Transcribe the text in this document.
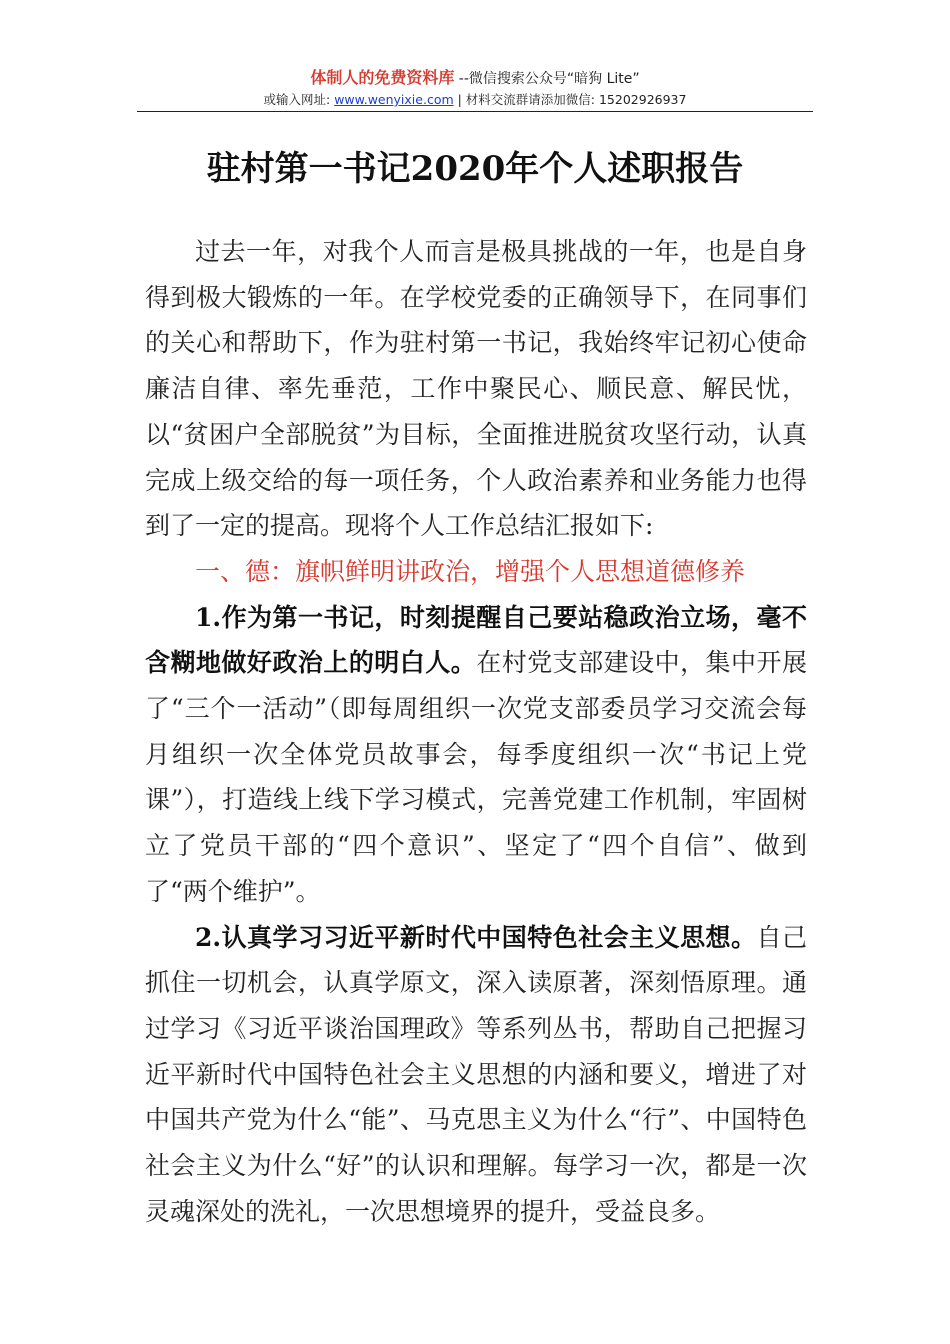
体制人的免费资料库 --微信搜索公众号“暗狗 Lite”
或输入网址: www.wenyixie.com | 材料交流群请添加微信: 15202926937
驻村第一书记2020年个人述职报告

过去一年，对我个人而言是极具挑战的一年，也是自身得到极大锻炼的一年。在学校党委的正确领导下，在同事们的关心和帮助下，作为驻村第一书记，我始终牢记初心使命廉洁自律、率先垂范，工作中聚民心、顺民意、解民忧，以“贫困户全部脱贫”为目标，全面推进脱贫攻坚行动，认真完成上级交给的每一项任务，个人政治素养和业务能力也得到了一定的提高。现将个人工作总结汇报如下:

一、德：旗帜鲜明讲政治，增强个人思想道德修养

1.作为第一书记，时刻提醒自己要站稳政治立场，毫不含糊地做好政治上的明白人。在村党支部建设中，集中开展了“三个一活动”（即每周组织一次党支部委员学习交流会每月组织一次全体党员故事会，每季度组织一次“书记上党课”），打造线上线下学习模式，完善党建工作机制，牢固树立了党员干部的“四个意识”、坚定了“四个自信”、做到了“两个维护”。

2.认真学习习近平新时代中国特色社会主义思想。自己抓住一切机会，认真学原文，深入读原著，深刻悟原理。通过学习《习近平谈治国理政》等系列丛书，帮助自己把握习近平新时代中国特色社会主义思想的内涵和要义，增进了对中国共产党为什么“能”、马克思主义为什么“行”、中国特色社会主义为什么“好”的认识和理解。每学习一次，都是一次灵魂深处的洗礼，一次思想境界的提升，受益良多。
